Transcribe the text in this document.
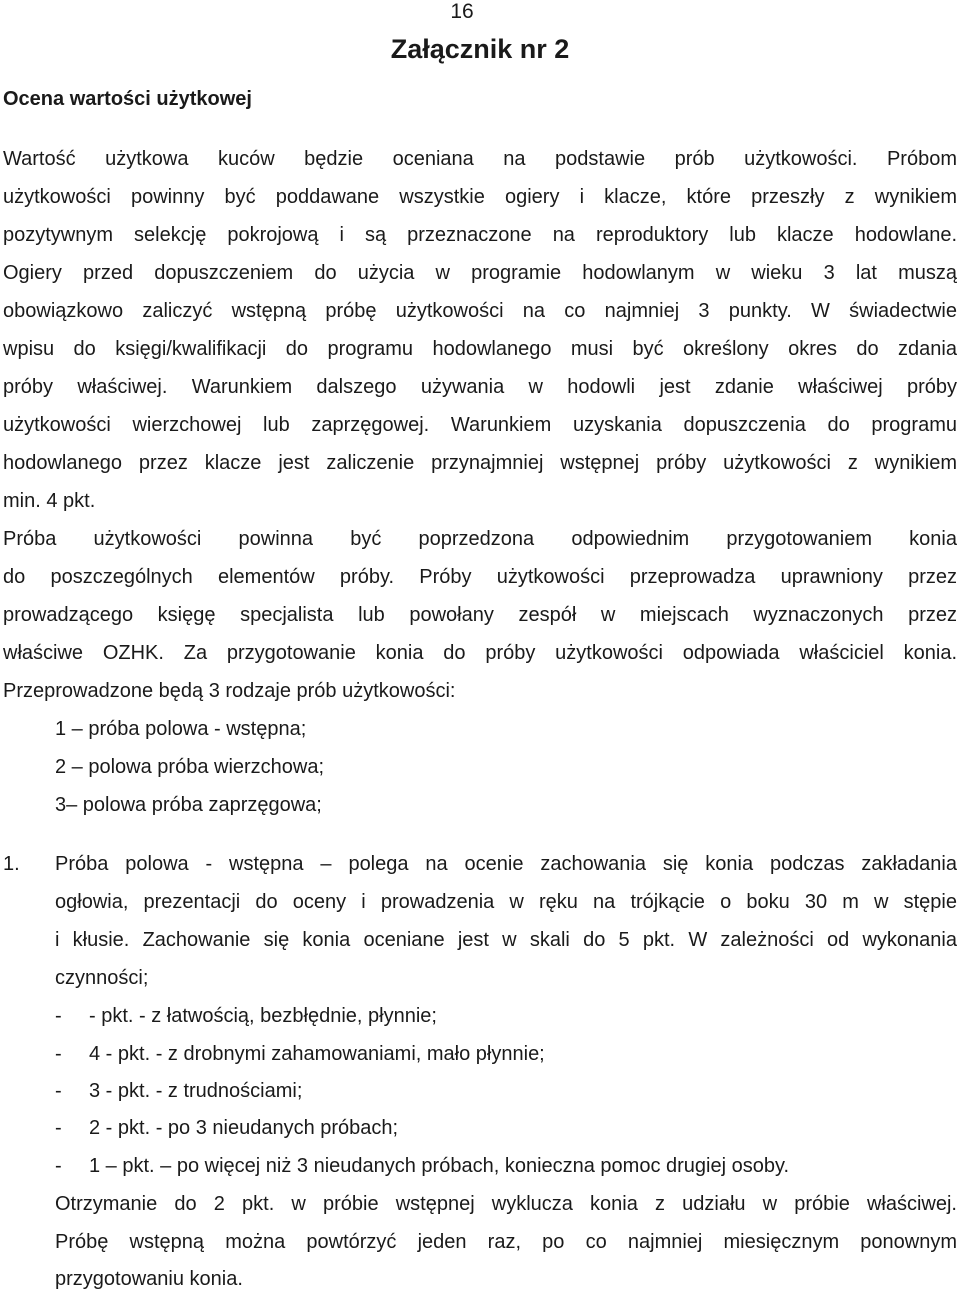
16
Załącznik nr 2
Ocena wartości użytkowej
Wartość użytkowa kuców będzie oceniana na podstawie prób użytkowości. Próbom
użytkowości powinny być poddawane wszystkie ogiery i klacze, które przeszły z wynikiem
pozytywnym selekcję pokrojową i są przeznaczone na reproduktory lub klacze hodowlane.
Ogiery przed dopuszczeniem do użycia w programie hodowlanym w wieku 3 lat muszą
obowiązkowo zaliczyć wstępną próbę użytkowości na co najmniej 3 punkty. W świadectwie
wpisu do księgi/kwalifikacji do programu hodowlanego musi być określony okres do zdania
próby właściwej. Warunkiem dalszego używania w hodowli jest zdanie właściwej próby
użytkowości wierzchowej lub zaprzęgowej. Warunkiem uzyskania dopuszczenia do programu
hodowlanego przez klacze jest zaliczenie przynajmniej wstępnej próby użytkowości z wynikiem
min. 4 pkt.
Próba użytkowości powinna być poprzedzona odpowiednim przygotowaniem konia
do poszczególnych elementów próby. Próby użytkowości przeprowadza uprawniony przez
prowadzącego księgę specjalista lub powołany zespół w miejscach wyznaczonych przez
właściwe OZHK. Za przygotowanie konia do próby użytkowości odpowiada właściciel konia.
Przeprowadzone będą 3 rodzaje prób użytkowości:
1 – próba polowa - wstępna;
2 – polowa próba wierzchowa;
3– polowa próba zaprzęgowa;
1. Próba polowa - wstępna – polega na ocenie zachowania się konia podczas zakładania
ogłowia, prezentacji do oceny i prowadzenia w ręku na trójkącie o boku 30 m w stępie
i kłusie. Zachowanie się konia oceniane jest w skali do 5 pkt. W zależności od wykonania
czynności;
- - pkt. - z łatwością, bezbłędnie, płynnie;
- 4 - pkt. - z drobnymi zahamowaniami, mało płynnie;
- 3 - pkt. - z trudnościami;
- 2 - pkt. - po 3 nieudanych próbach;
- 1 – pkt. – po więcej niż 3 nieudanych próbach, konieczna pomoc drugiej osoby.
Otrzymanie do 2 pkt. w próbie wstępnej wyklucza konia z udziału w próbie właściwej.
Próbę wstępną można powtórzyć jeden raz, po co najmniej miesięcznym ponownym
przygotowaniu konia.
